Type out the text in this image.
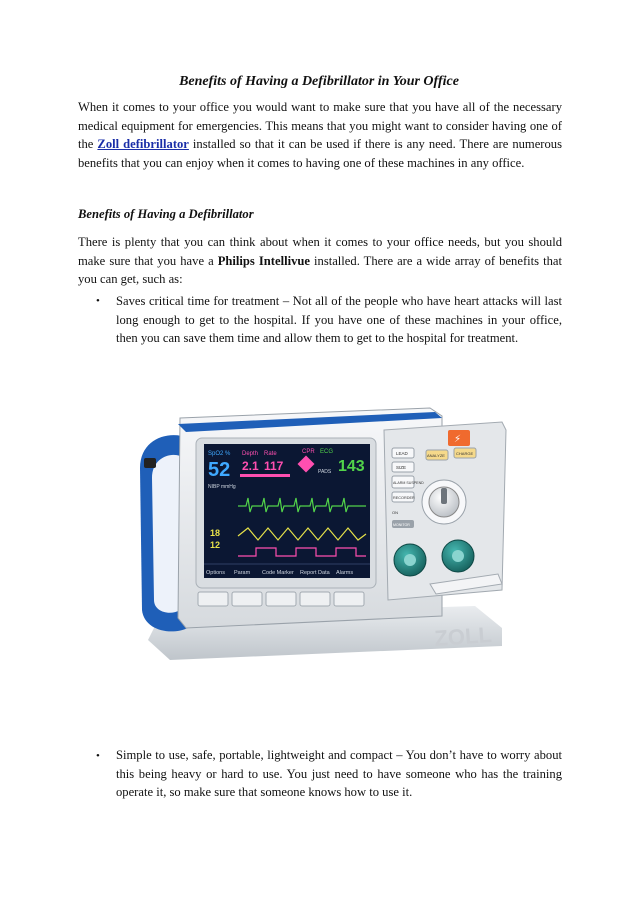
Benefits of Having a Defibrillator in Your Office

When it comes to your office you would want to make sure that you have all of the necessary medical equipment for emergencies. This means that you might want to consider having one of the Zoll defibrillator installed so that it can be used if there is any need. There are numerous benefits that you can enjoy when it comes to having one of these machines in any office.

Benefits of Having a Defibrillator

There is plenty that you can think about when it comes to your office needs, but you should make sure that you have a Philips Intellivue installed. There are a wide array of benefits that you can get, such as:

• Saves critical time for treatment – Not all of the people who have heart attacks will last long enough to get to the hospital. If you have one of these machines in your office, then you can save them time and allow them to get to the hospital for treatment.

ZOLL
SpO2 %
52
Depth
2.1
Rate
117
CPR ECG
143
PADS
NIBP mmHg
18
12
Options Param Code Marker Report Data Alarms
⚡
LEAD
SIZE
ALARM SUSPEND
RECORDER
ANALYZE	CHARGE
ON
MONITOR
• Simple to use, safe, portable, lightweight and compact – You don’t have to worry about this being heavy or hard to use. You just need to have someone who has the training operate it, so make sure that someone knows how to use it.
